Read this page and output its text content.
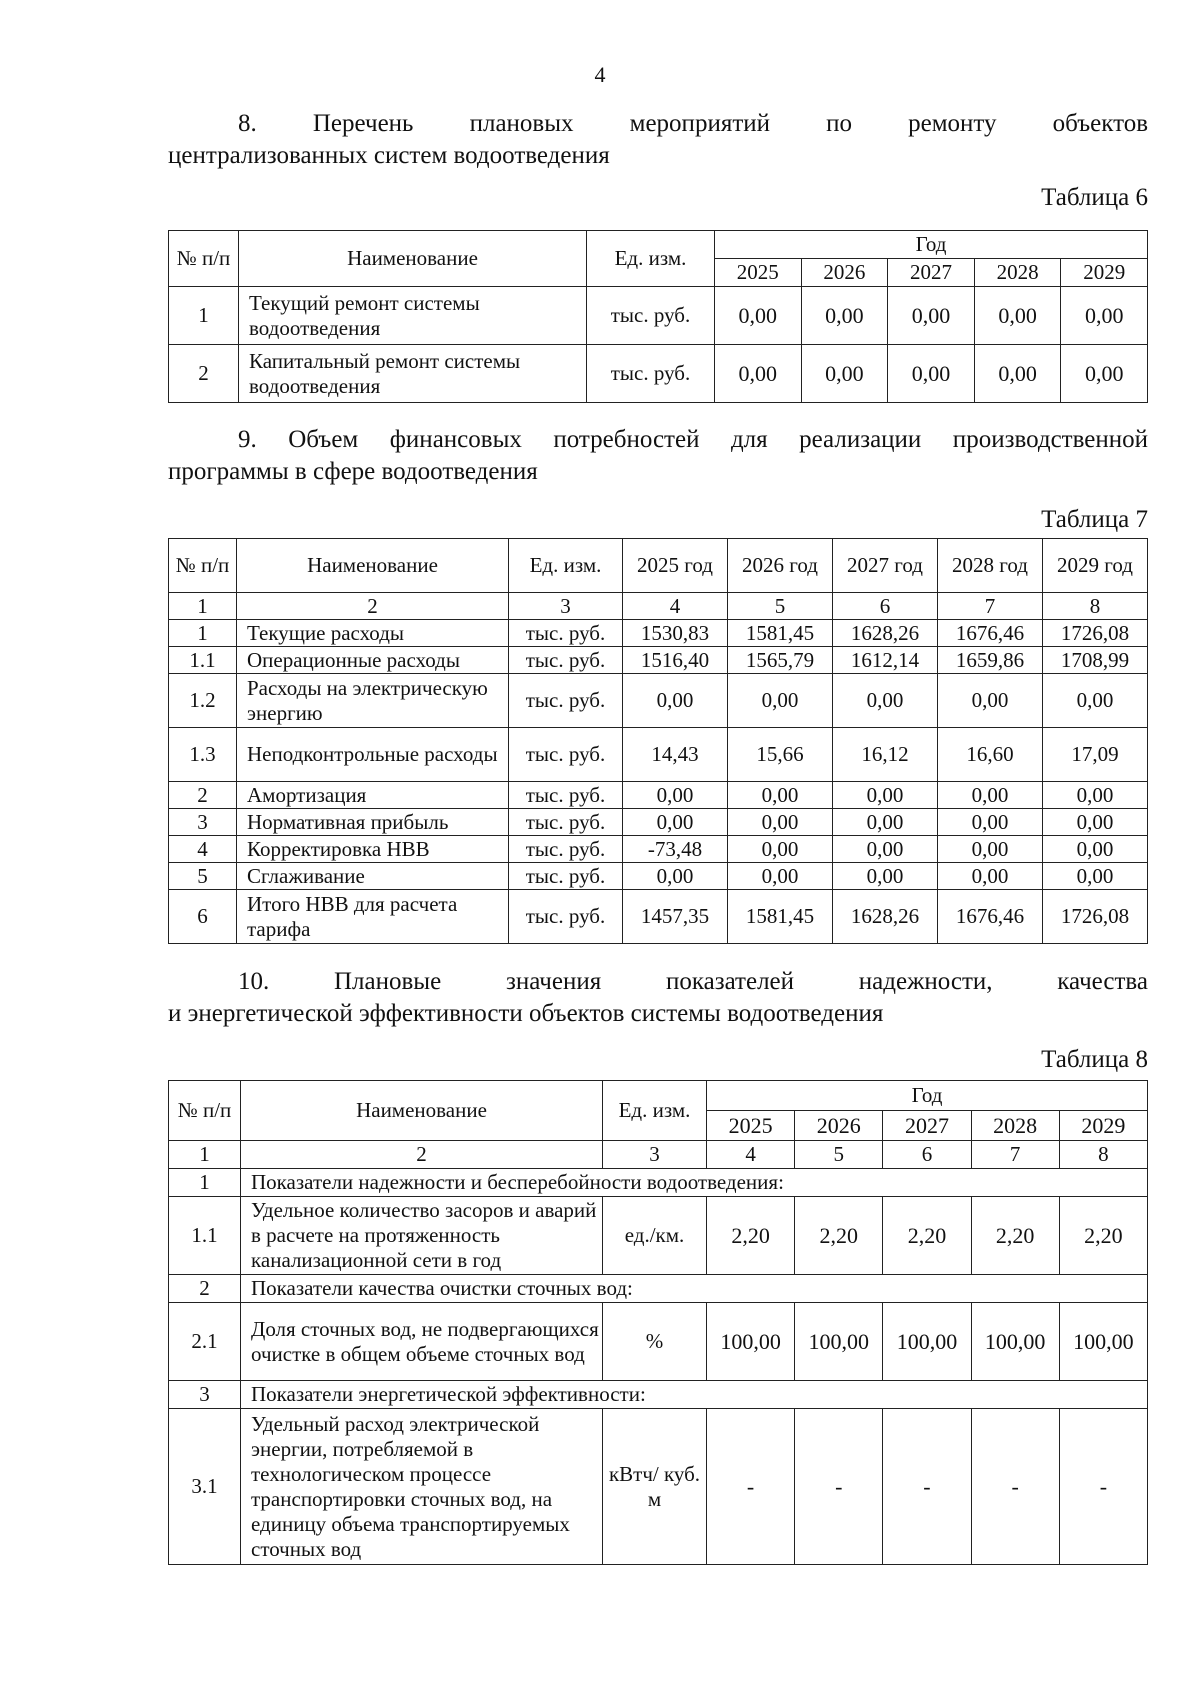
4
8. Перечень плановых мероприятий по ремонту объектов
централизованных систем водоотведения
Таблица 6
№ п/п	Наименование	Ед. изм.	Год				
			2025	2026	2027	2028	2029
1	Текущий ремонт системы водоотведения	тыс. руб.	0,00	0,00	0,00	0,00	0,00
2	Капитальный ремонт системы водоотведения	тыс. руб.	0,00	0,00	0,00	0,00	0,00
9. Объем финансовых потребностей для реализации производственной
программы в сфере водоотведения
Таблица 7
№ п/п	Наименование	Ед. изм.	2025 год	2026 год	2027 год	2028 год	2029 год
1	2	3	4	5	6	7	8
1	Текущие расходы	тыс. руб.	1530,83	1581,45	1628,26	1676,46	1726,08
1.1	Операционные расходы	тыс. руб.	1516,40	1565,79	1612,14	1659,86	1708,99
1.2	Расходы на электрическую энергию	тыс. руб.	0,00	0,00	0,00	0,00	0,00
1.3	Неподконтрольные расходы	тыс. руб.	14,43	15,66	16,12	16,60	17,09
2	Амортизация	тыс. руб.	0,00	0,00	0,00	0,00	0,00
3	Нормативная прибыль	тыс. руб.	0,00	0,00	0,00	0,00	0,00
4	Корректировка НВВ	тыс. руб.	-73,48	0,00	0,00	0,00	0,00
5	Сглаживание	тыс. руб.	0,00	0,00	0,00	0,00	0,00
6	Итого НВВ для расчета тарифа	тыс. руб.	1457,35	1581,45	1628,26	1676,46	1726,08
10. Плановые значения показателей надежности, качества
и энергетической эффективности объектов системы водоотведения
Таблица 8
№ п/п	Наименование	Ед. изм.	Год				
			2025	2026	2027	2028	2029
1	2	3	4	5	6	7	8
1	Показатели надежности и бесперебойности водоотведения:						
1.1	Удельное количество засоров и аварий в расчете на протяженность канализационной сети в год	ед./км.	2,20	2,20	2,20	2,20	2,20
2	Показатели качества очистки сточных вод:						
2.1	Доля сточных вод, не подвергающихся очистке в общем объеме сточных вод	%	100,00	100,00	100,00	100,00	100,00
3	Показатели энергетической эффективности:						
3.1	Удельный расход электрической энергии, потребляемой в технологическом процессе транспортировки сточных вод, на единицу объема транспортируемых сточных вод	кВтч/ куб. м	-	-	-	-	-
